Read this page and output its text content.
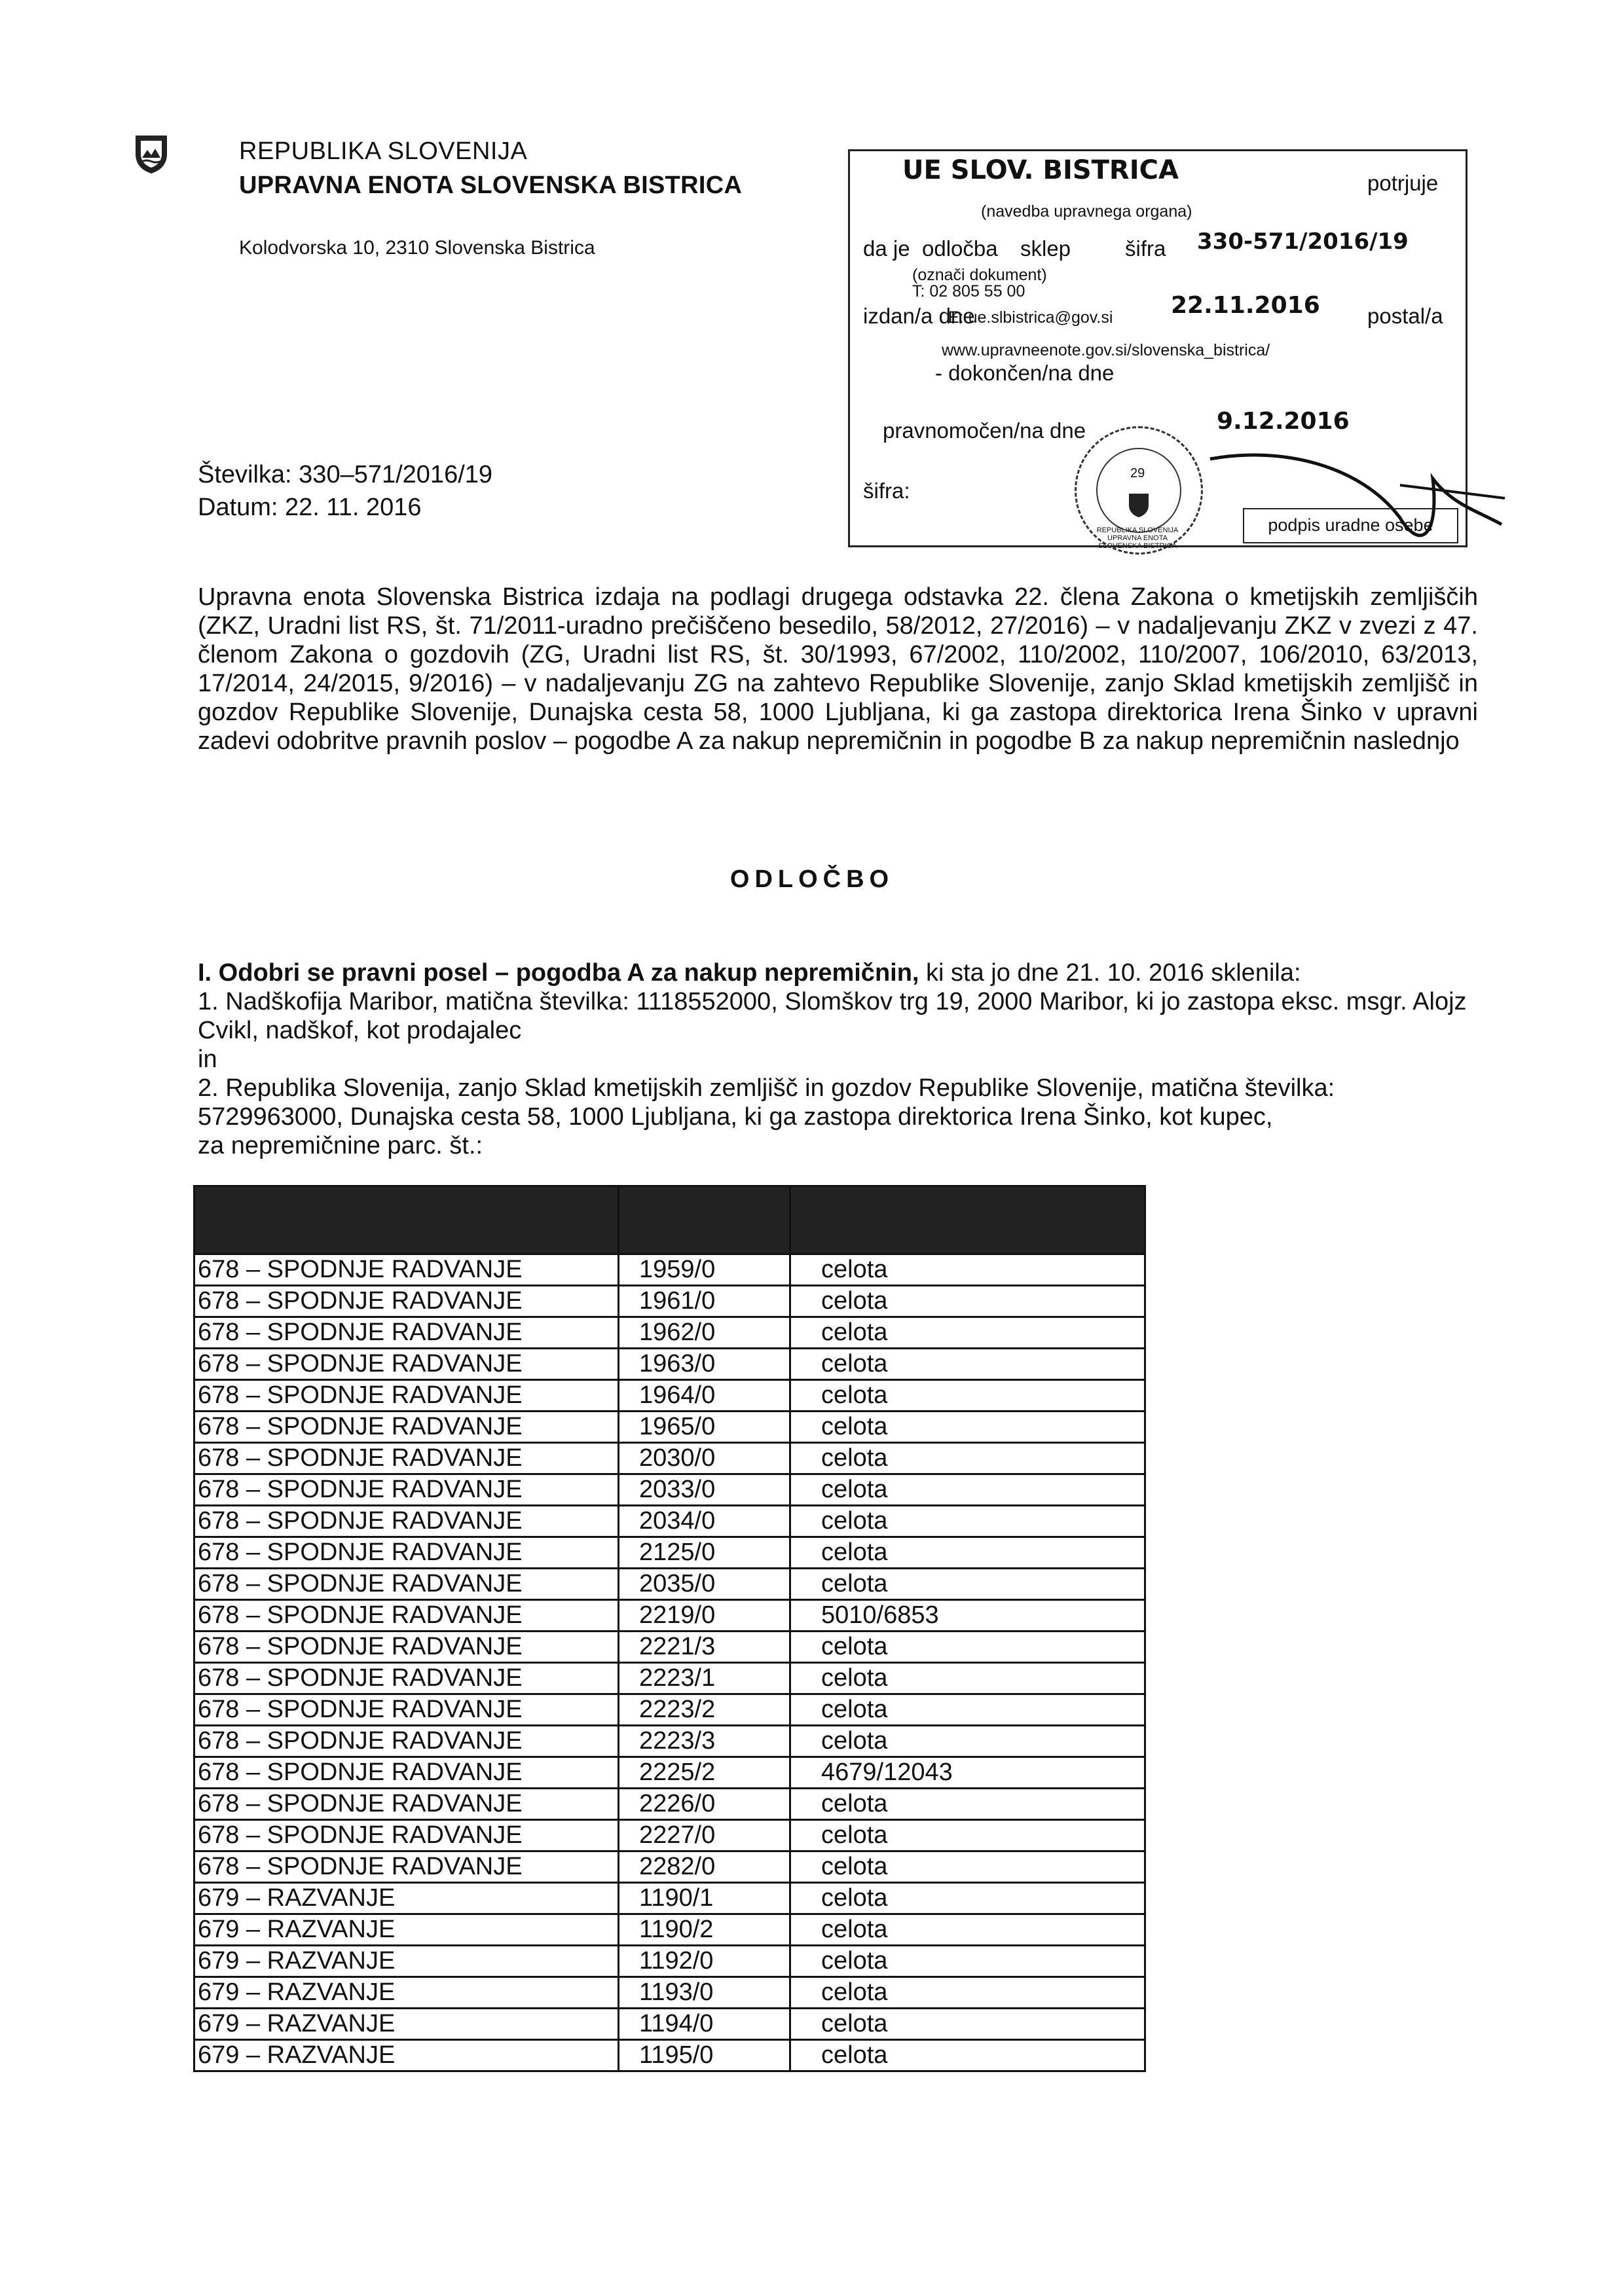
REPUBLIKA SLOVENIJA
UPRAVNA ENOTA SLOVENSKA BISTRICA
Kolodvorska 10, 2310 Slovenska Bistrica
Številka: 330–571/2016/19
Datum: 22. 11. 2016
UE SLOV. BISTRICA	potrjuje
(navedba upravnega organa)
da je odločba sklep	šifra 330-571/2016/19
(označi dokument)
T: 02 805 55 00
izdan/a dne
E: ue.slbistrica@gov.si 22.11.2016 postal/a
www.upravneenote.gov.si/slovenska_bistrica/
- dokončen/na dne
pravnomočen/na dne	9.12.2016
šifra:
29
REPUBLIKA SLOVENIJA UPRAVNA ENOTA SLOVENSKA BISTRICA
podpis uradne osebe
Upravna enota Slovenska Bistrica izdaja na podlagi drugega odstavka 22. člena Zakona o kmetijskih zemljiščih (ZKZ, Uradni list RS, št. 71/2011-uradno prečiščeno besedilo, 58/2012, 27/2016) – v nadaljevanju ZKZ v zvezi z 47. členom Zakona o gozdovih (ZG, Uradni list RS, št. 30/1993, 67/2002, 110/2002, 110/2007, 106/2010, 63/2013, 17/2014, 24/2015, 9/2016) – v nadaljevanju ZG na zahtevo Republike Slovenije, zanjo Sklad kmetijskih zemljišč in gozdov Republike Slovenije, Dunajska cesta 58, 1000 Ljubljana, ki ga zastopa direktorica Irena Šinko v upravni zadevi odobritve pravnih poslov – pogodbe A za nakup nepremičnin in pogodbe B za nakup nepremičnin naslednjo
ODLOČBO

I. Odobri se pravni posel – pogodba A za nakup nepremičnin, ki sta jo dne 21. 10. 2016 sklenila:

1. Nadškofija Maribor, matična številka: 1118552000, Slomškov trg 19, 2000 Maribor, ki jo zastopa eksc. msgr. Alojz Cvikl, nadškof, kot prodajalec

in

2. Republika Slovenija, zanjo Sklad kmetijskih zemljišč in gozdov Republike Slovenije, matična številka: 5729963000, Dunajska cesta 58, 1000 Ljubljana, ki ga zastopa direktorica Irena Šinko, kot kupec,

za nepremičnine parc. št.:

šifra in ime katastrske občine	parc. št.	solastniški delež površina
678 – SPODNJE RADVANJE	1959/0	celota
678 – SPODNJE RADVANJE	1961/0	celota
678 – SPODNJE RADVANJE	1962/0	celota
678 – SPODNJE RADVANJE	1963/0	celota
678 – SPODNJE RADVANJE	1964/0	celota
678 – SPODNJE RADVANJE	1965/0	celota
678 – SPODNJE RADVANJE	2030/0	celota
678 – SPODNJE RADVANJE	2033/0	celota
678 – SPODNJE RADVANJE	2034/0	celota
678 – SPODNJE RADVANJE	2125/0	celota
678 – SPODNJE RADVANJE	2035/0	celota
678 – SPODNJE RADVANJE	2219/0	5010/6853
678 – SPODNJE RADVANJE	2221/3	celota
678 – SPODNJE RADVANJE	2223/1	celota
678 – SPODNJE RADVANJE	2223/2	celota
678 – SPODNJE RADVANJE	2223/3	celota
678 – SPODNJE RADVANJE	2225/2	4679/12043
678 – SPODNJE RADVANJE	2226/0	celota
678 – SPODNJE RADVANJE	2227/0	celota
678 – SPODNJE RADVANJE	2282/0	celota
679 – RAZVANJE	1190/1	celota
679 – RAZVANJE	1190/2	celota
679 – RAZVANJE	1192/0	celota
679 – RAZVANJE	1193/0	celota
679 – RAZVANJE	1194/0	celota
679 – RAZVANJE	1195/0	celota
